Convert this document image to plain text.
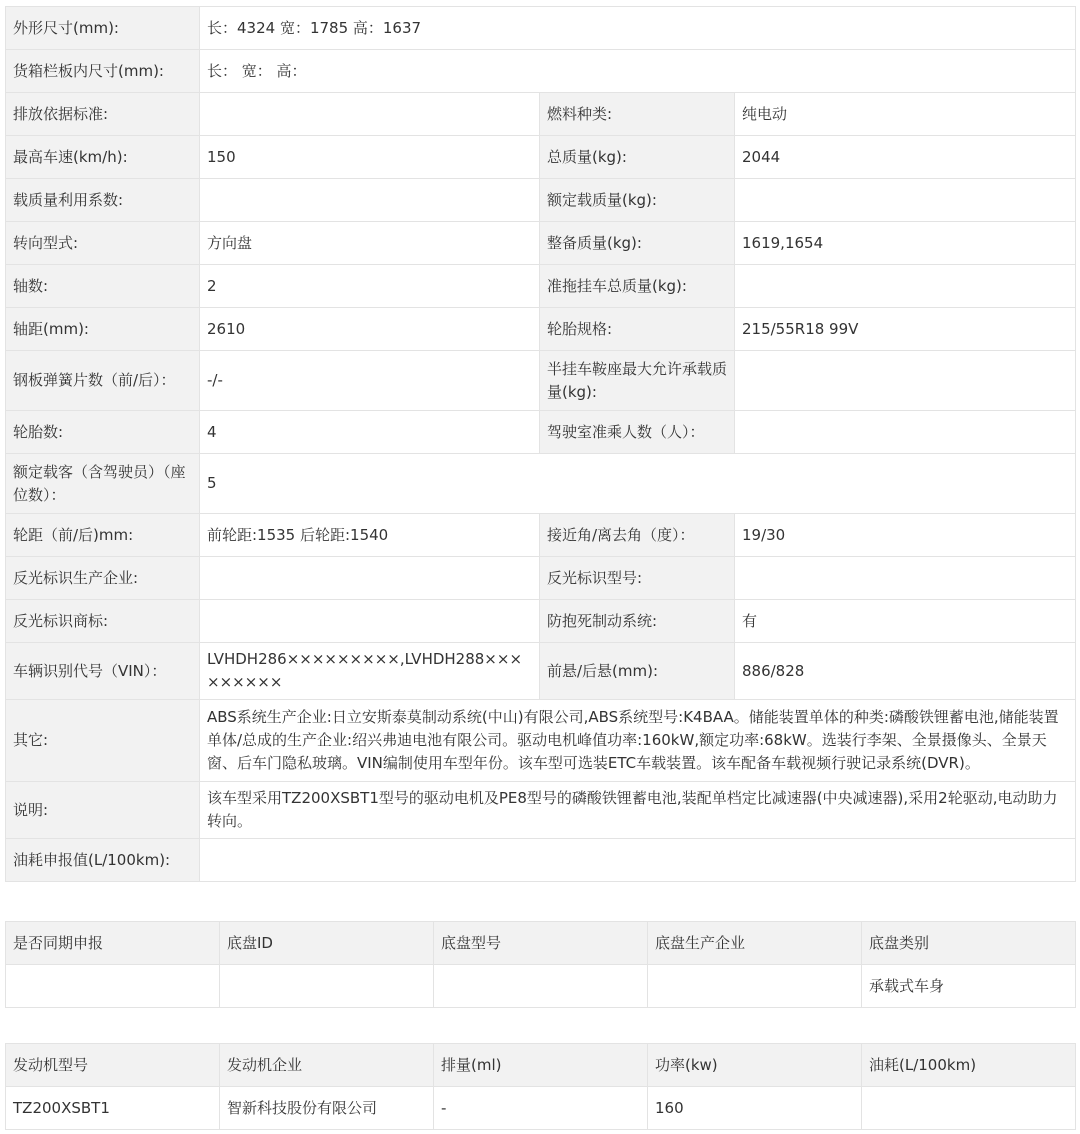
外形尺寸(mm):	长：4324 宽：1785 高：1637		
货箱栏板内尺寸(mm):	长： 宽： 高：		
排放依据标准:		燃料种类:	纯电动
最高车速(km/h):	150	总质量(kg):	2044
载质量利用系数:		额定载质量(kg):	
转向型式:	方向盘	整备质量(kg):	1619,1654
轴数:	2	准拖挂车总质量(kg):	
轴距(mm):	2610	轮胎规格:	215/55R18 99V
钢板弹簧片数（前/后）：	-/-	半挂车鞍座最大允许承载质量(kg):	
轮胎数:	4	驾驶室准乘人数（人）：	
额定载客（含驾驶员）（座位数）：	5		
轮距（前/后)mm:	前轮距:1535 后轮距:1540	接近角/离去角（度）：	19/30
反光标识生产企业:		反光标识型号:	
反光标识商标:		防抱死制动系统:	有
车辆识别代号（VIN）：	LVHDH286×××××××××,LVHDH288×××××××××	前悬/后悬(mm):	886/828
其它:	ABS系统生产企业:日立安斯泰莫制动系统(中山)有限公司,ABS系统型号:K4BAA。储能装置单体的种类:磷酸铁锂蓄电池,储能装置单体/总成的生产企业:绍兴弗迪电池有限公司。驱动电机峰值功率:160kW,额定功率:68kW。选装行李架、全景摄像头、全景天窗、后车门隐私玻璃。VIN编制使用车型年份。该车型可选装ETC车载装置。该车配备车载视频行驶记录系统(DVR)。		
说明:	该车型采用TZ200XSBT1型号的驱动电机及PE8型号的磷酸铁锂蓄电池,装配单档定比减速器(中央减速器),采用2轮驱动,电动助力转向。		
油耗申报值(L/100km):			
是否同期申报	底盘ID	底盘型号	底盘生产企业	底盘类别
				承载式车身
发动机型号	发动机企业	排量(ml)	功率(kw)	油耗(L/100km)
TZ200XSBT1	智新科技股份有限公司	-	160	
